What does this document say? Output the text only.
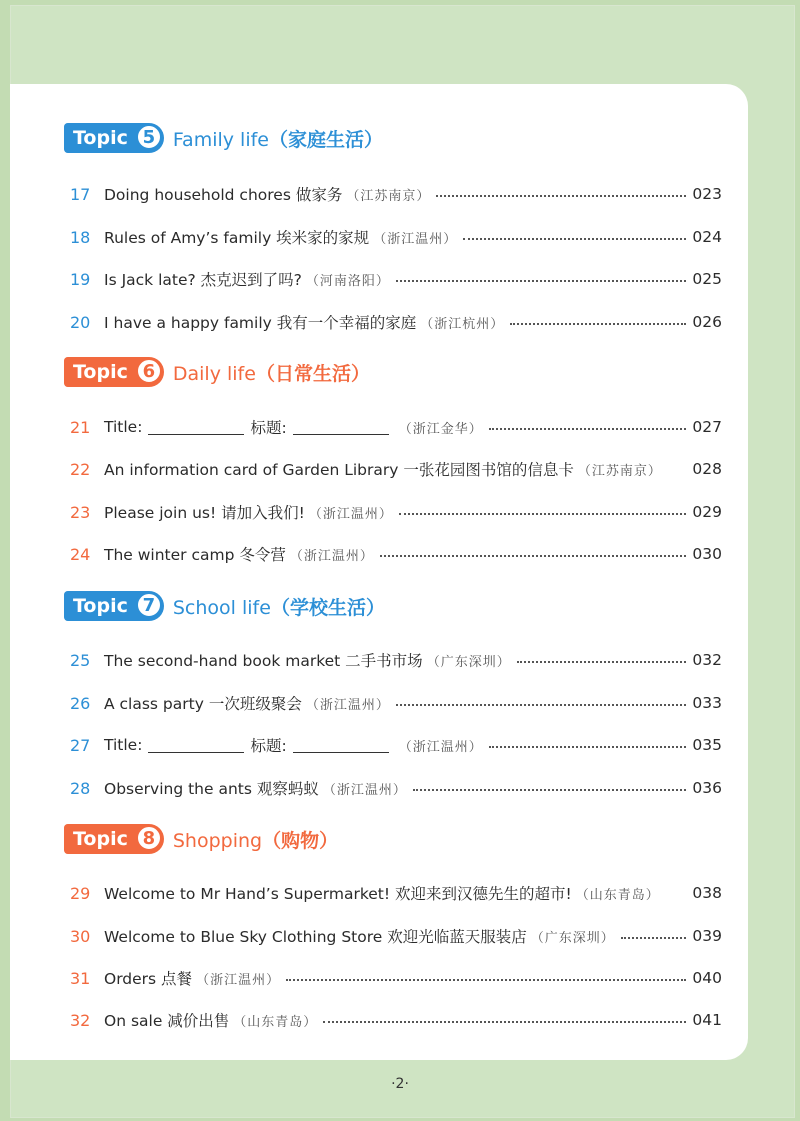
Topic 5 Family life（家庭生活）
17 Doing household chores 做家务 （江苏南京）	023
18 Rules of Amy’s family 埃米家的家规 （浙江温州）	024
19 Is Jack late? 杰克迟到了吗? （河南洛阳）	025
20 I have a happy family 我有一个幸福的家庭 （浙江杭州）	026
Topic 6 Daily life（日常生活）
21 Title:	标题:	（浙江金华）	027
22 An information card of Garden Library 一张花园图书馆的信息卡 （江苏南京） 028
23 Please join us! 请加入我们! （浙江温州）	029
24 The winter camp 冬令营 （浙江温州）	030
Topic 7 School life（学校生活）
25 The second-hand book market 二手书市场 （广东深圳）	032
26 A class party 一次班级聚会 （浙江温州）	033
27 Title:	标题:	（浙江温州）	035
28 Observing the ants 观察蚂蚁 （浙江温州）	036
Topic 8 Shopping（购物）
29 Welcome to Mr Hand’s Supermarket! 欢迎来到汉德先生的超市! （山东青岛） 038
30 Welcome to Blue Sky Clothing Store 欢迎光临蓝天服装店 （广东深圳）	039
31 Orders 点餐 （浙江温州）	040
32 On sale 减价出售 （山东青岛）	041
·2·
